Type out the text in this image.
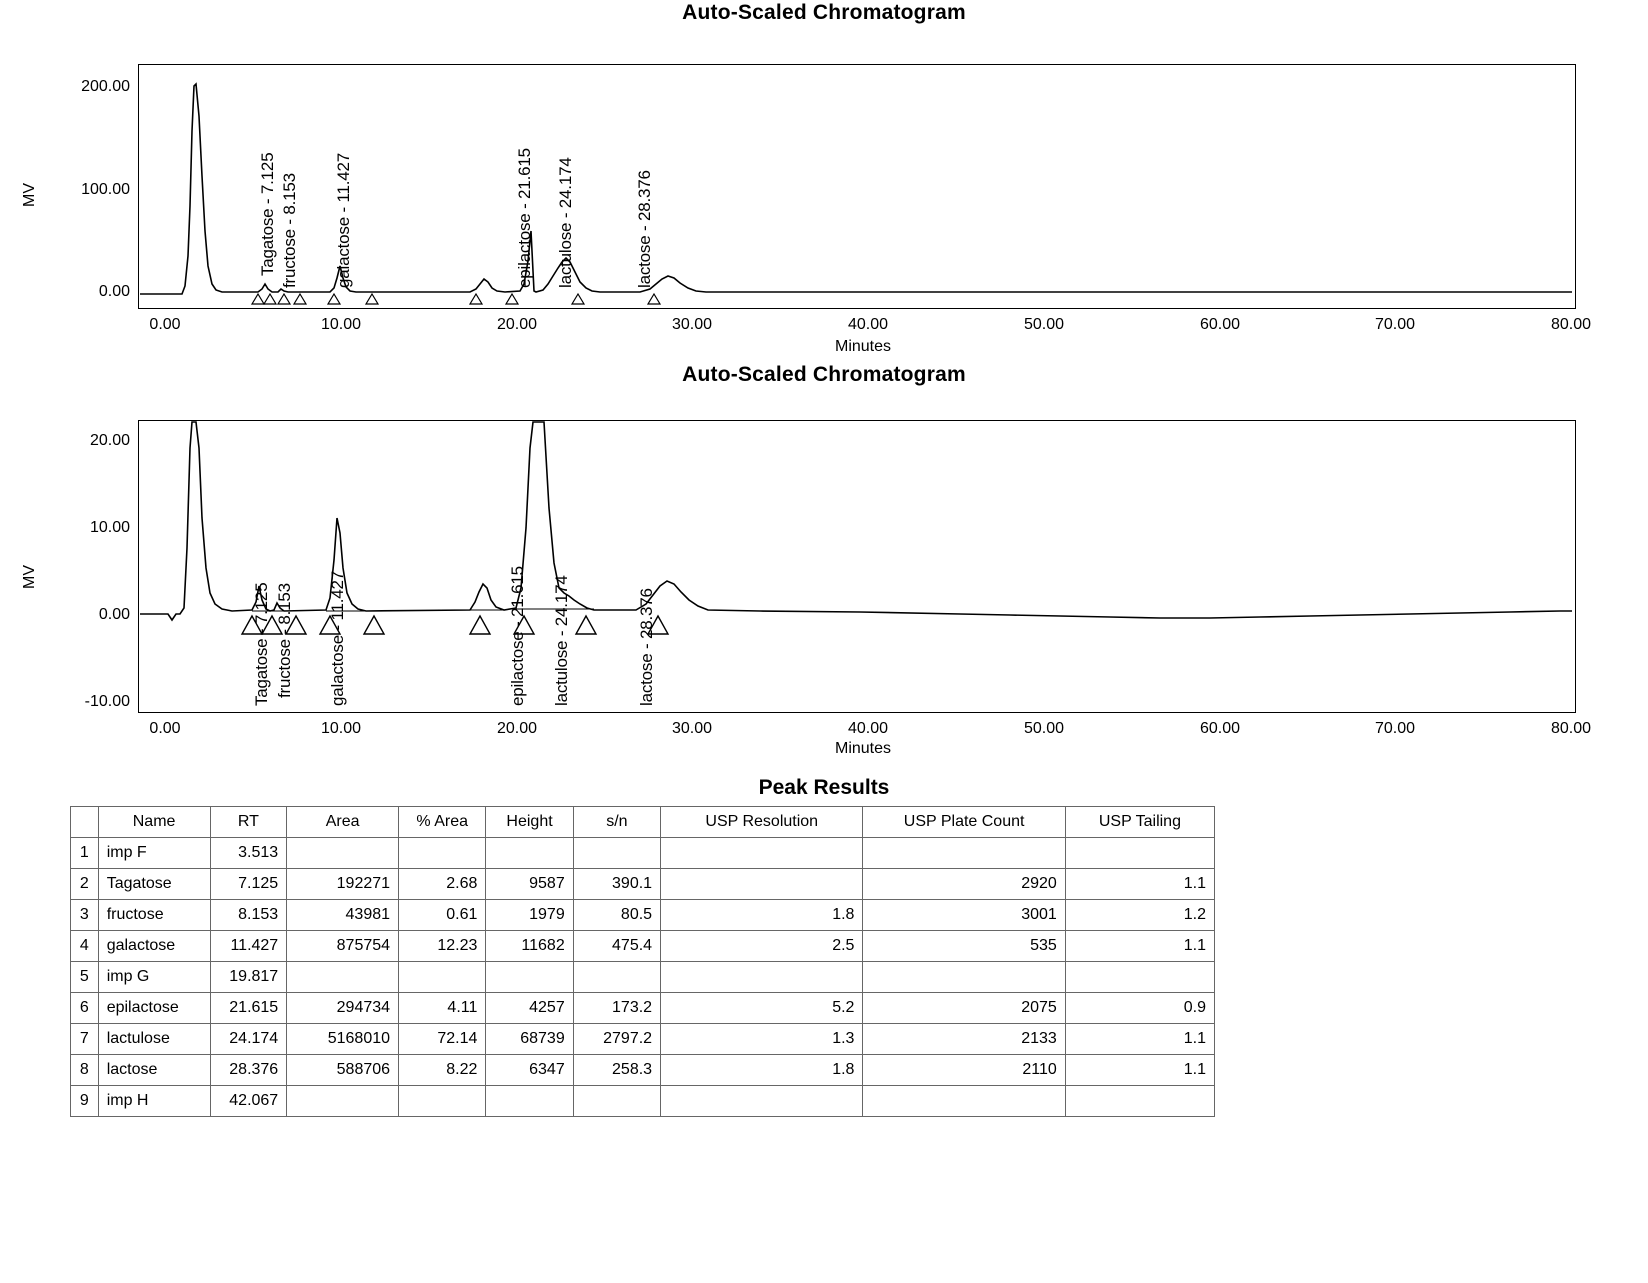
Auto-Scaled Chromatogram
MV
200.00
100.00
0.00
Tagatose - 7.125 fructose - 8.153 galactose - 11.427	epilactose - 21.615 lactulose - 24.174	lactose - 28.376
0.00	10.00	20.00	30.00	40.00	50.00	60.00	70.00	80.00
Minutes
Auto-Scaled Chromatogram
MV
20.00
10.00
0.00
-10.00	Tagatose - 7.125 fructose - 8.153 galactose - 11.427	epilactose - 21.615 lactulose - 24.174	lactose - 28.376
0.00	10.00	20.00	30.00	40.00	50.00	60.00	70.00	80.00
Minutes
Peak Results
	Name	RT	Area	% Area	Height	s/n	USP Resolution	USP Plate Count	USP Tailing
1	imp F	3.513							
2	Tagatose	7.125	192271	2.68	9587	390.1		2920	1.1
3	fructose	8.153	43981	0.61	1979	80.5	1.8	3001	1.2
4	galactose	11.427	875754	12.23	11682	475.4	2.5	535	1.1
5	imp G	19.817							
6	epilactose	21.615	294734	4.11	4257	173.2	5.2	2075	0.9
7	lactulose	24.174	5168010	72.14	68739	2797.2	1.3	2133	1.1
8	lactose	28.376	588706	8.22	6347	258.3	1.8	2110	1.1
9	imp H	42.067							
